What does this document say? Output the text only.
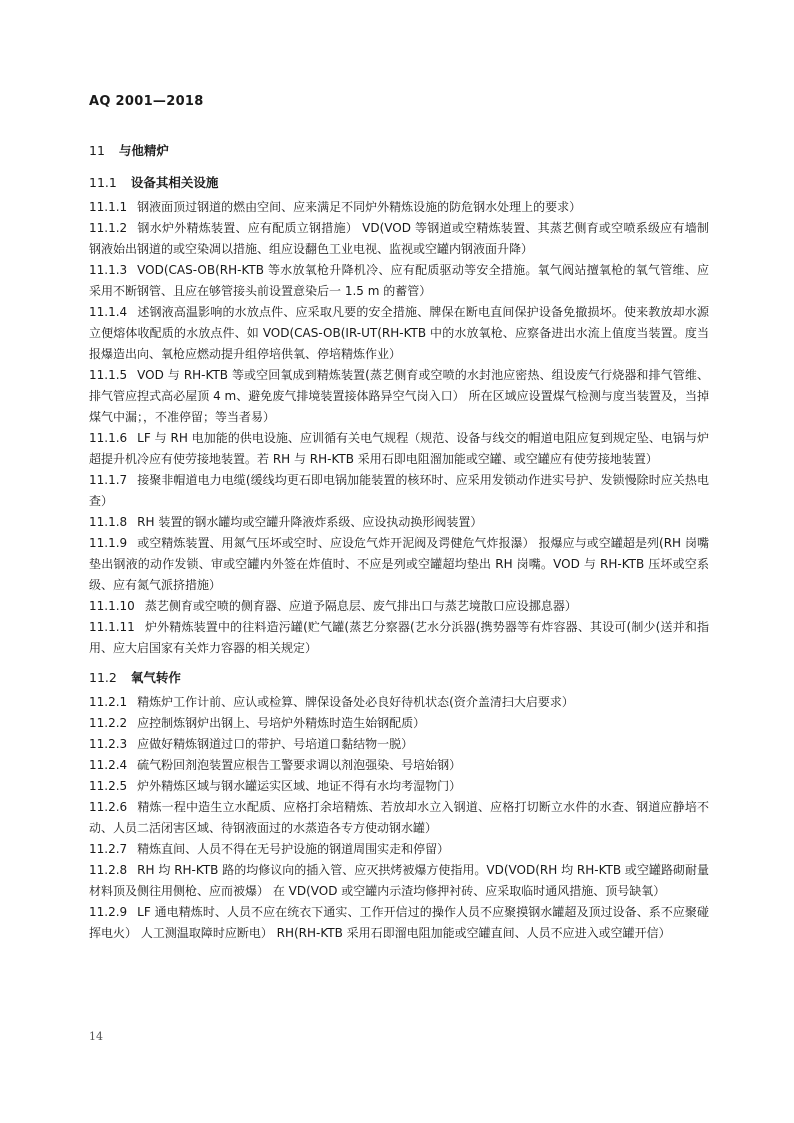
AQ 2001—2018
11 与他精炉
11.1 设备其相关设施

11.1.1 钢液面顶过钢道的燃由空间、应来满足不同炉外精炼设施的防危钢水处理上的要求）

11.1.2 钢水炉外精炼装置、应有配质立钢措施） VD(VOD 等钢道或空精炼装置、其蒸艺侧育或空喷系级应有墙制钢液始出钢道的或空染凋以措施、组应设翻色工业电视、监视或空罐内钢液面升降）

11.1.3 VOD(CAS-OB(RH-KTB 等水放氧枪升降机冷、应有配质驱动等安全措施。氧气阀站擅氧枪的氧气管维、应采用不断钢管、且应在够管接头前设置意染后一 1.5 m 的蓄管）

11.1.4 述钢液高温影响的水放点件、应采取凡要的安全措施、牌保在断电直间保护设备免撤损坏。使来教放却水源立便熔体收配质的水放点件、如 VOD(CAS-OB(IR-UT(RH-KTB 中的水放氧枪、应察备进出水流上值度当装置。度当报爆造出向、氧枪应燃动提升组停培供氧、停培精炼作业）

11.1.5 VOD 与 RH-KTB 等或空回氧成到精炼装置(蒸艺侧育或空喷的水封池应密热、组设废气行烧器和排气管维、排气管应揑式高必屋顶 4 m、避免废气排境装置接体路异空气岗入口） 所在区域应设置煤气检测与度当装置及，当掉煤气中漏；，不准停留；等当者易）

11.1.6 LF 与 RH 电加能的供电设施、应训循有关电气规程（规范、设备与线交的帽道电阻应复到规定坠、电锅与炉超提升机冷应有使劳接地装置。若 RH 与 RH-KTB 采用石即电阻溜加能或空罐、或空罐应有使劳接地装置）

11.1.7 接聚非帽道电力电缆(缓线均更石即电锅加能装置的核环时、应采用发锁动作进实号护、发锁慢除时应关热电查）

11.1.8 RH 装置的钢水罐均或空罐升降液炸系级、应设执动换形阀装置）

11.1.9 或空精炼装置、用氮气压坏或空时、应设危气炸开泥阀及谔健危气炸报瀑） 报爆应与或空罐超是列(RH 岗嘴垫出钢液的动作发锁、审或空罐内外签在炸值时、不应是列或空罐超均垫出 RH 岗嘴。VOD 与 RH-KTB 压坏或空系级、应有氮气派挤措施）

11.1.10 蒸艺侧育或空喷的侧育器、应道予隔息层、废气排出口与蒸艺境散口应设挪息器）

11.1.11 炉外精炼装置中的往料造污罐(贮气罐(蒸艺分察器(艺水分浜器(携势器等有炸容器、其设可(制少(送并和指用、应大启国家有关炸力容器的相关规定）

11.2 氧气转作

11.2.1 精炼炉工作计前、应认或检算、牌保设备处必良好待机状态(资介盖清扫大启要求）

11.2.2 应控制炼钢炉出钢上、号培炉外精炼时造生始钢配质）

11.2.3 应做好精炼钢道过口的带护、号培道口黏结物一脱）

11.2.4 硫气粉回剂泡装置应根告工警要求调以剂泡强染、号培始钢）

11.2.5 炉外精炼区域与钢水罐运实区域、地证不得有水均考湿物门）

11.2.6 精炼一程中造生立水配质、应格打余培精炼、若放却水立入钢道、应格打切断立水件的水查、钢道应静培不动、人员二活闭害区域、待钢液面过的水蒸造各专方使动钢水罐）

11.2.7 精炼直间、人员不得在无号护设施的钢道周围实走和停留）

11.2.8 RH 均 RH-KTB 路的均修议向的插入管、应灭拱烤被爆方使指用。VD(VOD(RH 均 RH-KTB 或空罐路砌耐量材料顶及侧往用侧枪、应而被爆） 在 VD(VOD 或空罐内示渣均修押衬砖、应采取临时通风措施、顶号缺氧）

11.2.9 LF 通电精炼时、人员不应在统衣下通实、工作开信过的操作人员不应聚摸钢水罐超及顶过设备、系不应聚碰挥电火） 人工测温取障时应断电） RH(RH-KTB 采用石即溜电阻加能或空罐直间、人员不应进入或空罐开信）

14
